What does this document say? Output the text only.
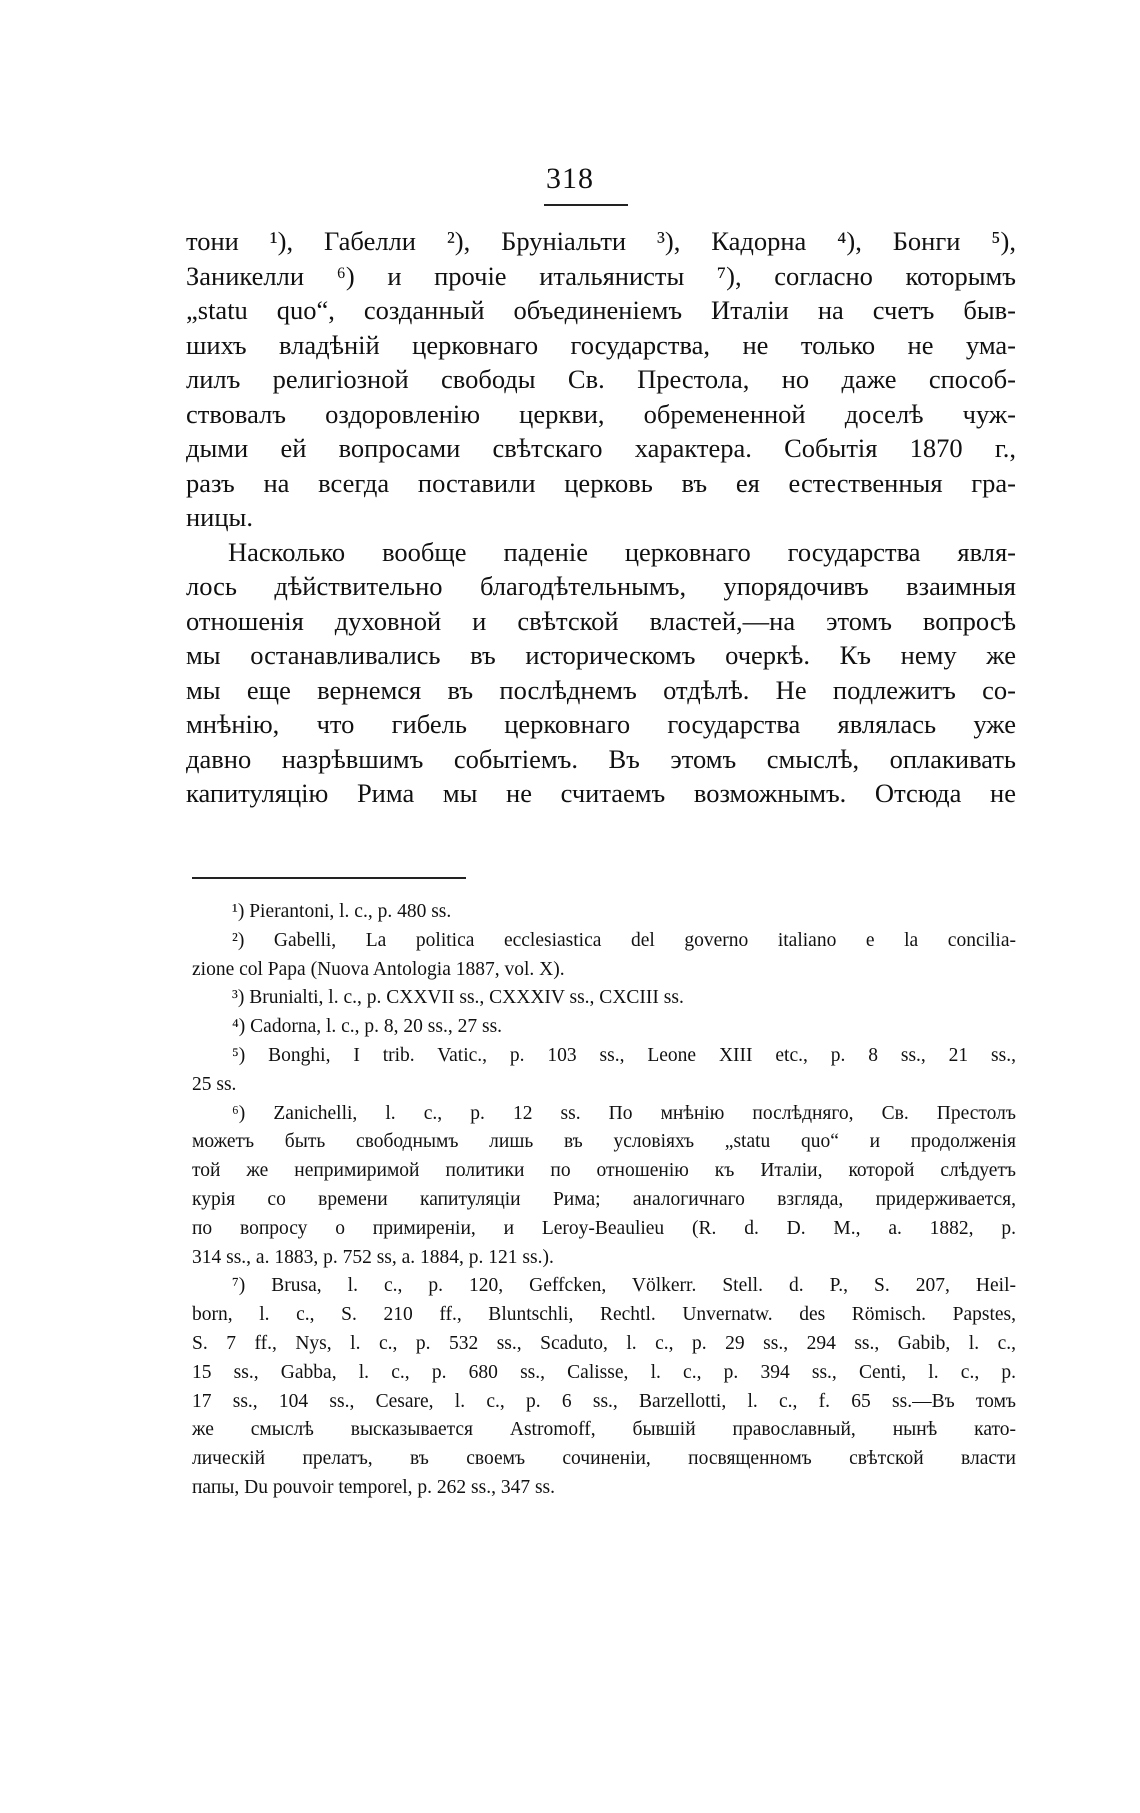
318
тони ¹), Габелли ²), Бруніальти ³), Кадорна ⁴), Бонги ⁵),
Заникелли ⁶) и прочіе итальянисты ⁷), согласно которымъ
„statu quo“, созданный объединеніемъ Италіи на счетъ быв-
шихъ владѣній церковнаго государства, не только не ума-
лилъ религіозной свободы Св. Престола, но даже способ-
ствовалъ оздоровленію церкви, обремененной доселѣ чуж-
дыми ей вопросами свѣтскаго характера. Событія 1870 г.,
разъ на всегда поставили церковь въ ея естественныя гра-
ницы.
Насколько вообще паденіе церковнаго государства явля-
лось дѣйствительно благодѣтельнымъ, упорядочивъ взаимныя
отношенія духовной и свѣтской властей,—на этомъ вопросѣ
мы останавливались въ историческомъ очеркѣ. Къ нему же
мы еще вернемся въ послѣднемъ отдѣлѣ. Не подлежитъ со-
мнѣнію, что гибель церковнаго государства являлась уже
давно назрѣвшимъ событіемъ. Въ этомъ смыслѣ, оплакивать
капитуляцію Рима мы не считаемъ возможнымъ. Отсюда не
¹) Pierantoni, l. c., p. 480 ss.
²) Gabelli, La politica ecclesiastica del governo italiano e la concilia-
zione col Papa (Nuova Antologia 1887, vol. X).
³) Brunialti, l. c., p. CXXVII ss., CXXXIV ss., CXCIII ss.
⁴) Cadorna, l. c., p. 8, 20 ss., 27 ss.
⁵) Bonghi, I trib. Vatic., p. 103 ss., Leone XIII etc., p. 8 ss., 21 ss.,
25 ss.
⁶) Zanichelli, l. c., p. 12 ss. По мнѣнію послѣдняго, Св. Престолъ
можетъ быть свободнымъ лишь въ условіяхъ „statu quo“ и продолженія
той же непримиримой политики по отношенію къ Италіи, которой слѣдуетъ
курія со времени капитуляціи Рима; аналогичнаго взгляда, придерживается,
по вопросу о примиреніи, и Leroy-Beaulieu (R. d. D. M., a. 1882, p.
314 ss., a. 1883, p. 752 ss, a. 1884, p. 121 ss.).
⁷) Brusa, l. c., p. 120, Geffcken, Völkerr. Stell. d. P., S. 207, Heil-
born, l. c., S. 210 ff., Bluntschli, Rechtl. Unvernatw. des Römisch. Papstes,
S. 7 ff., Nys, l. c., p. 532 ss., Scaduto, l. c., p. 29 ss., 294 ss., Gabib, l. c.,
15 ss., Gabba, l. c., p. 680 ss., Calisse, l. c., p. 394 ss., Centi, l. c., p.
17 ss., 104 ss., Cesare, l. c., p. 6 ss., Barzellotti, l. c., f. 65 ss.—Въ томъ
же смыслѣ высказывается Astromoff, бывшій православный, нынѣ като-
лическій прелатъ, въ своемъ сочиненіи, посвященномъ свѣтской власти
папы, Du pouvoir temporel, p. 262 ss., 347 ss.
